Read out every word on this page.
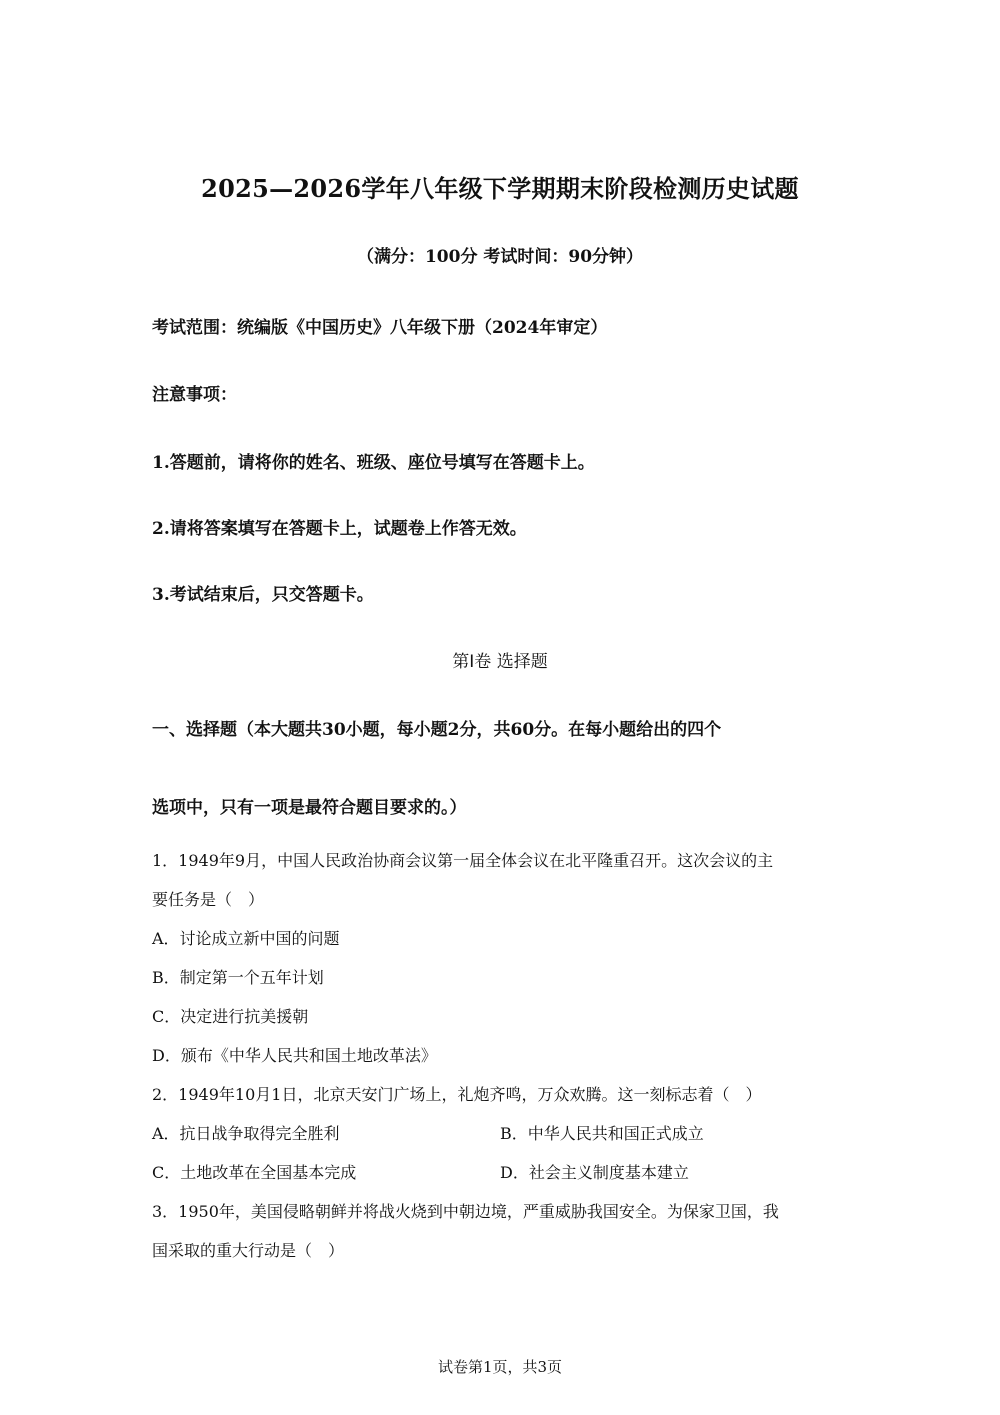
2025—2026学年八年级下学期期末阶段检测历史试题
（满分：100分 考试时间：90分钟）
考试范围：统编版《中国历史》八年级下册（2024年审定）
注意事项：
1.答题前，请将你的姓名、班级、座位号填写在答题卡上。
2.请将答案填写在答题卡上，试题卷上作答无效。
3.考试结束后，只交答题卡。
第Ⅰ卷 选择题
一、选择题（本大题共30小题，每小题2分，共60分。在每小题给出的四个
选项中，只有一项是最符合题目要求的。）
1．1949年9月，中国人民政治协商会议第一届全体会议在北平隆重召开。这次会议的主
要任务是（　）
A．讨论成立新中国的问题
B．制定第一个五年计划
C．决定进行抗美援朝
D．颁布《中华人民共和国土地改革法》
2．1949年10月1日，北京天安门广场上，礼炮齐鸣，万众欢腾。这一刻标志着（　）
A．抗日战争取得完全胜利	B．中华人民共和国正式成立
C．土地改革在全国基本完成	D．社会主义制度基本建立
3．1950年，美国侵略朝鲜并将战火烧到中朝边境，严重威胁我国安全。为保家卫国，我
国采取的重大行动是（　）
试卷第1页，共3页
